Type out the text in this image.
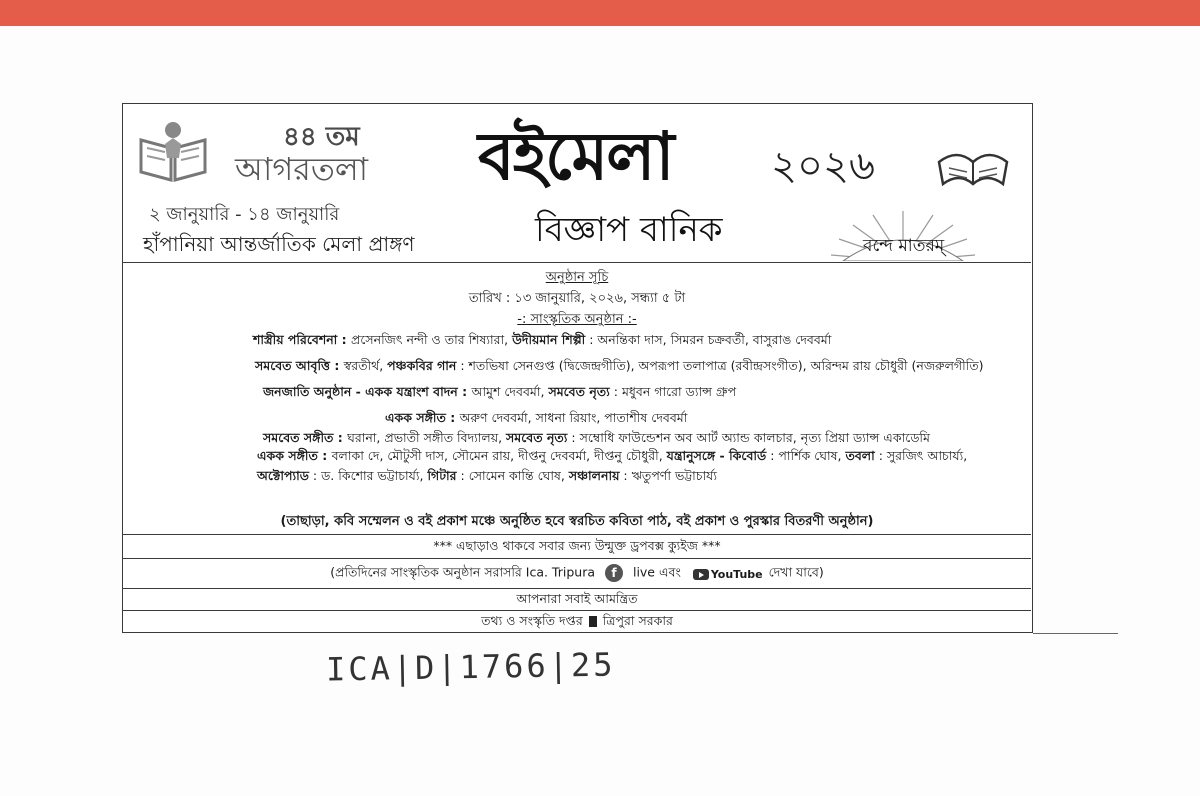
৪৪ তম
আগরতলা
২ জানুয়ারি - ১৪ জানুয়ারি
হাঁপানিয়া আন্তর্জাতিক মেলা প্রাঙ্গণ
বইমেলা ২০২৬
বিজ্ঞাপ বানিক	বন্দে মাতরম্
অনুষ্ঠান সূচি
তারিখ : ১৩ জানুয়ারি, ২০২৬, সন্ধ্যা ৫ টা
-: সাংস্কৃতিক অনুষ্ঠান :-
শাস্ত্রীয় পরিবেশনা : প্রসেনজিৎ নন্দী ও তার শিষ্যারা, উদীয়মান শিল্পী : অনন্তিকা দাস, সিমরন চক্রবর্তী, বাসুরাঙ দেববর্মা
সমবেত আবৃত্তি : স্বরতীর্থ, পঞ্চকবির গান : শতভিষা সেনগুপ্ত (দ্বিজেন্দ্রগীতি), অপরূপা তলাপাত্র (রবীন্দ্রসংগীত), অরিন্দম রায় চৌধুরী (নজরুলগীতি)
জনজাতি অনুষ্ঠান - একক যন্ত্রাংশ বাদন : আমুশ দেববর্মা, সমবেত নৃত্য : মধুবন গারো ড্যান্স গ্রুপ
একক সঙ্গীত : অরুণ দেববর্মা, সাধনা রিয়াং, পাতাশীষ দেববর্মা
সমবেত সঙ্গীত : ঘরানা, প্রভাতী সঙ্গীত বিদ্যালয়, সমবেত নৃত্য : সম্বোধি ফাউন্ডেশন অব আর্ট অ্যান্ড কালচার, নৃত্য প্রিয়া ড্যান্স একাডেমি
একক সঙ্গীত : বলাকা দে, মৌটুসী দাস, সৌমেন রায়, দীপ্তনু দেববর্মা, দীপ্তনু চৌধুরী, যন্ত্রানুসঙ্গে - কিবোর্ড : পার্শিক ঘোষ, তবলা : সুরজিৎ আচার্য্য,
অক্টোপ্যাড : ড. কিশোর ভট্টাচার্য্য, গিটার : সোমেন কান্তি ঘোষ, সঞ্চালনায় : ঋতুপর্ণা ভট্টাচার্য্য
(তাছাড়া, কবি সম্মেলন ও বই প্রকাশ মঞ্চে অনুষ্ঠিত হবে স্বরচিত কবিতা পাঠ, বই প্রকাশ ও পুরস্কার বিতরণী অনুষ্ঠান)
*** এছাড়াও থাকবে সবার জন্য উন্মুক্ত ড্রপবক্স ক্যুইজ ***
(প্রতিদিনের সাংস্কৃতিক অনুষ্ঠান সরাসরি Ica. Tripura f live এবং	YouTube দেখা যাবে)
আপনারা সবাই আমন্ত্রিত
তথ্য ও সংস্কৃতি দপ্তর ত্রিপুরা সরকার
ICA|D|1766|25
